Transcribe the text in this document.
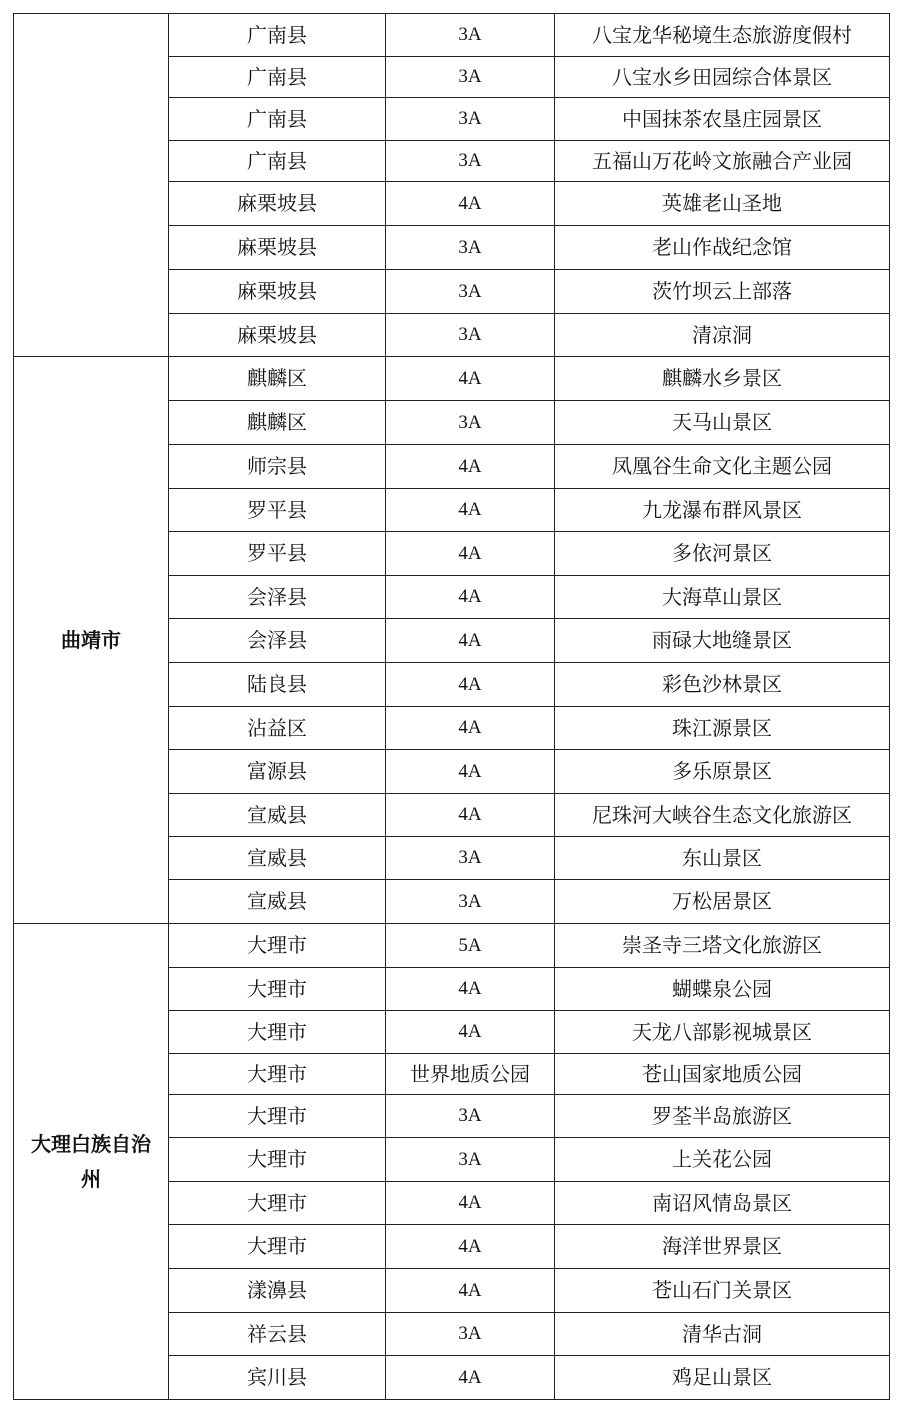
	广南县	3A	八宝龙华秘境生态旅游度假村
	广南县	3A	八宝水乡田园综合体景区
	广南县	3A	中国抹茶农垦庄园景区
	广南县	3A	五福山万花岭文旅融合产业园
	麻栗坡县	4A	英雄老山圣地
	麻栗坡县	3A	老山作战纪念馆
	麻栗坡县	3A	茨竹坝云上部落
	麻栗坡县	3A	清凉洞
曲靖市	麒麟区	4A	麒麟水乡景区
	麒麟区	3A	天马山景区
	师宗县	4A	凤凰谷生命文化主题公园
	罗平县	4A	九龙瀑布群风景区
	罗平县	4A	多依河景区
	会泽县	4A	大海草山景区
	会泽县	4A	雨碌大地缝景区
	陆良县	4A	彩色沙林景区
	沾益区	4A	珠江源景区
	富源县	4A	多乐原景区
	宣威县	4A	尼珠河大峡谷生态文化旅游区
	宣威县	3A	东山景区
	宣威县	3A	万松居景区
大理白族自治州	大理市	5A	崇圣寺三塔文化旅游区
	大理市	4A	蝴蝶泉公园
	大理市	4A	天龙八部影视城景区
	大理市	世界地质公园	苍山国家地质公园
	大理市	3A	罗荃半岛旅游区
	大理市	3A	上关花公园
	大理市	4A	南诏风情岛景区
	大理市	4A	海洋世界景区
	漾濞县	4A	苍山石门关景区
	祥云县	3A	清华古洞
	宾川县	4A	鸡足山景区
